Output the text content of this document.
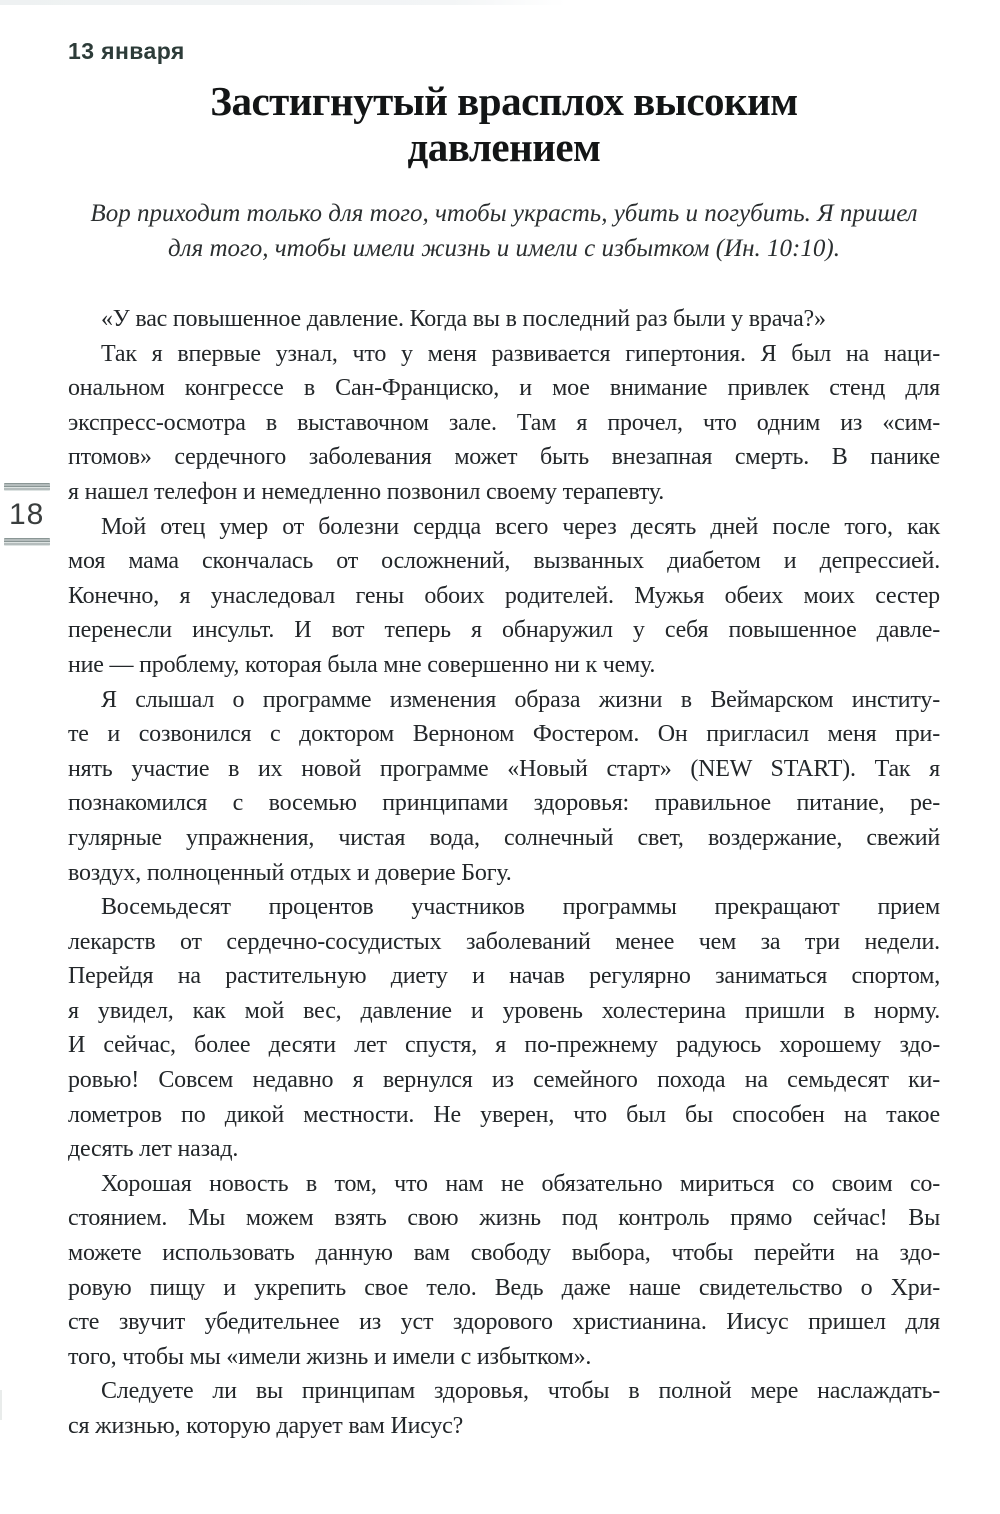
13 января
Застигнутый врасплох высоким
давлением
Вор приходит только для того, чтобы украсть, убить и погубить. Я пришел
для того, чтобы имели жизнь и имели с избытком (Ин. 10:10).
«У вас повышенное давление. Когда вы в последний раз были у врача?»
Так я впервые узнал, что у меня развивается гипертония. Я был на наци-
ональном конгрессе в Сан-Франциско, и мое внимание привлек стенд для
экспресс-осмотра в выставочном зале. Там я прочел, что одним из «сим-
птомов» сердечного заболевания может быть внезапная смерть. В панике
я нашел телефон и немедленно позвонил своему терапевту.
Мой отец умер от болезни сердца всего через десять дней после того, как
моя мама скончалась от осложнений, вызванных диабетом и депрессией.
Конечно, я унаследовал гены обоих родителей. Мужья обеих моих сестер
перенесли инсульт. И вот теперь я обнаружил у себя повышенное давле-
ние — проблему, которая была мне совершенно ни к чему.
Я слышал о программе изменения образа жизни в Веймарском институ-
те и созвонился с доктором Верноном Фостером. Он пригласил меня при-
нять участие в их новой программе «Новый старт» (NEW START). Так я
познакомился с восемью принципами здоровья: правильное питание, ре-
гулярные упражнения, чистая вода, солнечный свет, воздержание, свежий
воздух, полноценный отдых и доверие Богу.
Восемьдесят процентов участников программы прекращают прием
лекарств от сердечно-сосудистых заболеваний менее чем за три недели.
Перейдя на растительную диету и начав регулярно заниматься спортом,
я увидел, как мой вес, давление и уровень холестерина пришли в норму.
И сейчас, более десяти лет спустя, я по-прежнему радуюсь хорошему здо-
ровью! Совсем недавно я вернулся из семейного похода на семьдесят ки-
лометров по дикой местности. Не уверен, что был бы способен на такое
десять лет назад.
Хорошая новость в том, что нам не обязательно мириться со своим со-
стоянием. Мы можем взять свою жизнь под контроль прямо сейчас! Вы
можете использовать данную вам свободу выбора, чтобы перейти на здо-
ровую пищу и укрепить свое тело. Ведь даже наше свидетельство о Хри-
сте звучит убедительнее из уст здорового христианина. Иисус пришел для
того, чтобы мы «имели жизнь и имели с избытком».
Следуете ли вы принципам здоровья, чтобы в полной мере наслаждать-
ся жизнью, которую дарует вам Иисус?
18
